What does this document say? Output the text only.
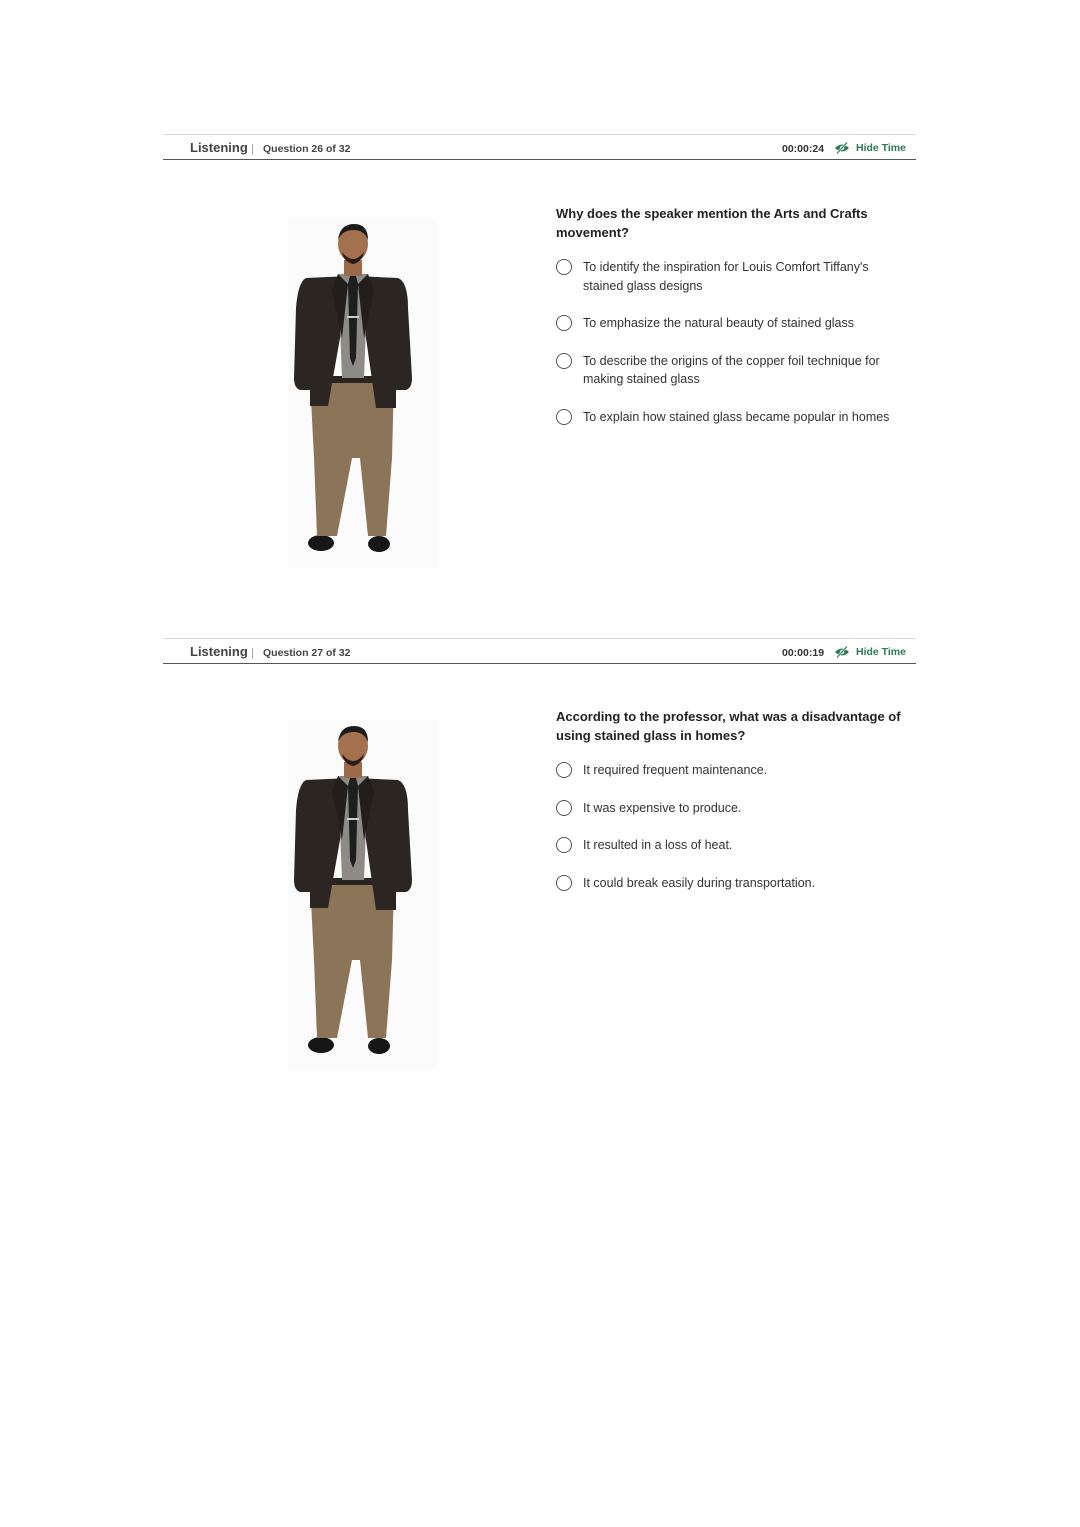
Listening Question 26 of 32	00:00:24	Hide Time

Why does the speaker mention the Arts and Crafts movement?

To identify the inspiration for Louis Comfort Tiffany's stained glass designs
To emphasize the natural beauty of stained glass
To describe the origins of the copper foil technique for making stained glass
To explain how stained glass became popular in homes
Listening Question 27 of 32	00:00:19	Hide Time

According to the professor, what was a disadvantage of using stained glass in homes?

It required frequent maintenance.
It was expensive to produce.
It resulted in a loss of heat.
It could break easily during transportation.
